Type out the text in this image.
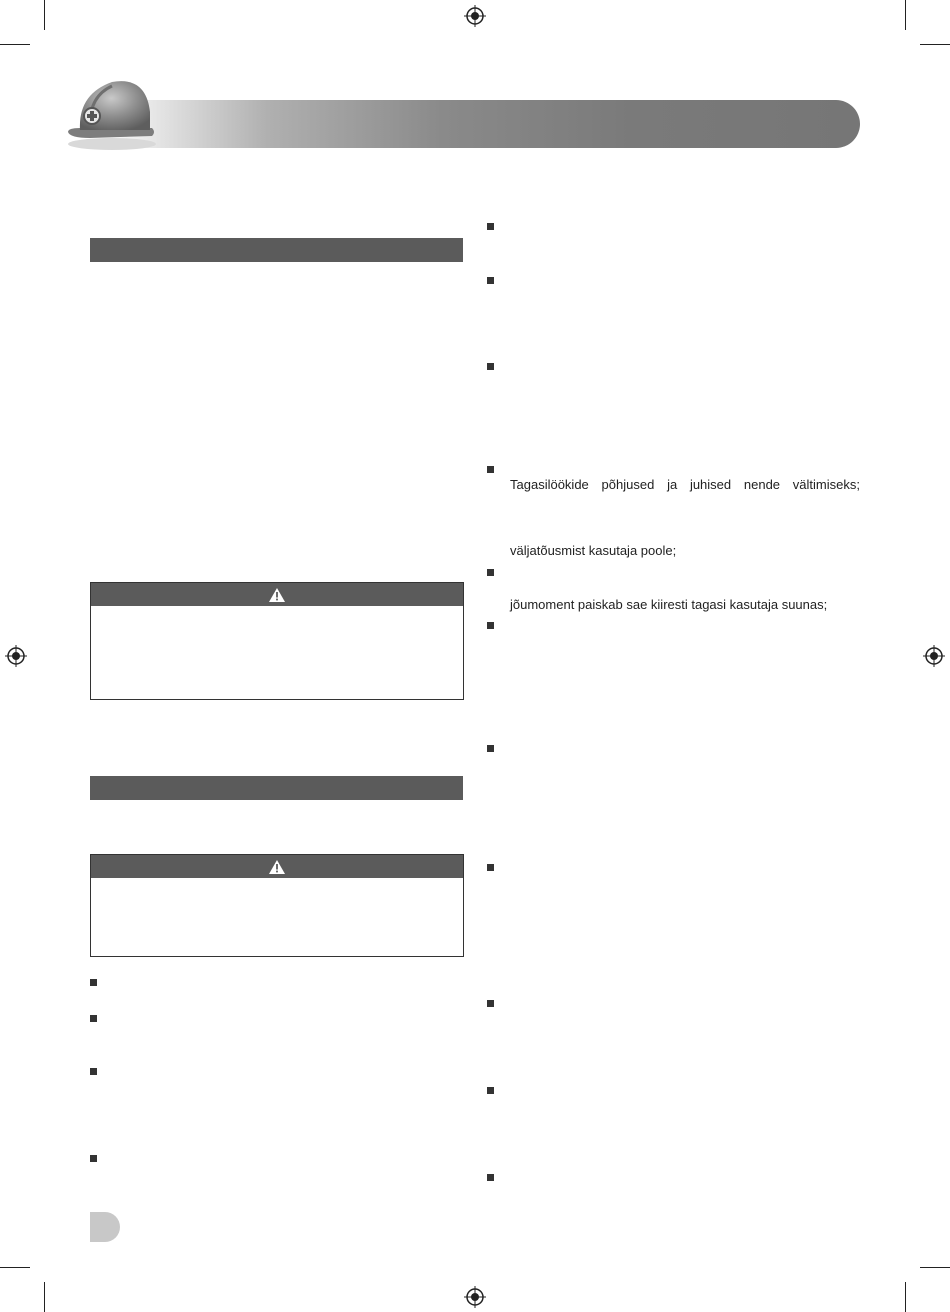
Tagasilöökide põhjused ja juhised nende vältimiseks;
väljatõusmist kasutaja poole;
jõumoment paiskab sae kiiresti tagasi kasutaja suunas;
